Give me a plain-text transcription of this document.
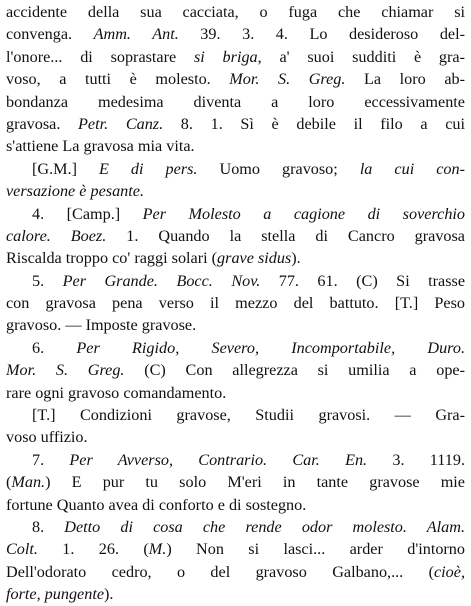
accidente della sua cacciata, o fuga che chiamar si
convenga. Amm. Ant. 39. 3. 4. Lo desideroso del-
l'onore... di soprastare si briga, a' suoi sudditi è gra-
voso, a tutti è molesto. Mor. S. Greg. La loro ab-
bondanza medesima diventa a loro eccessivamente
gravosa. Petr. Canz. 8. 1. Sì è debile il filo a cui
s'attiene La gravosa mia vita.
[G.M.] E di pers. Uomo gravoso; la cui con-
versazione è pesante.
4. [Camp.] Per Molesto a cagione di soverchio
calore. Boez. 1. Quando la stella di Cancro gravosa
Riscalda troppo co' raggi solari (grave sidus).
5. Per Grande. Bocc. Nov. 77. 61. (C) Si trasse
con gravosa pena verso il mezzo del battuto. [T.] Peso
gravoso. — Imposte gravose.
6. Per Rigido, Severo, Incomportabile, Duro.
Mor. S. Greg. (C) Con allegrezza si umilia a ope-
rare ogni gravoso comandamento.
[T.] Condizioni gravose, Studii gravosi. — Gra-
voso uffizio.
7. Per Avverso, Contrario. Car. En. 3. 1119.
(Man.) E pur tu solo M'eri in tante gravose mie
fortune Quanto avea di conforto e di sostegno.
8. Detto di cosa che rende odor molesto. Alam.
Colt. 1. 26. (M.) Non si lasci... arder d'intorno
Dell'odorato cedro, o del gravoso Galbano,... (cioè,
forte, pungente).
